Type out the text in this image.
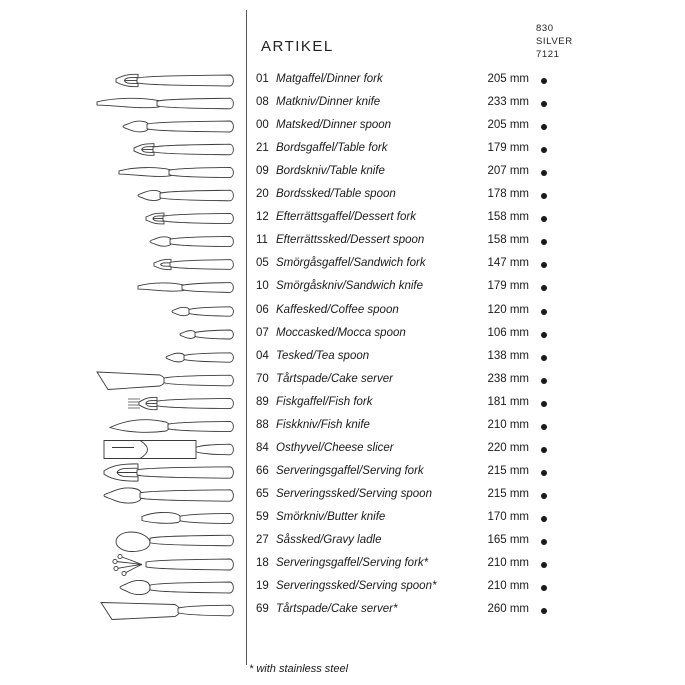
ARTIKEL
830
SILVER
7121
01 Matgaffel/Dinner fork	205 mm
08 Matkniv/Dinner knife	233 mm
00 Matsked/Dinner spoon	205 mm
21 Bordsgaffel/Table fork	179 mm
09 Bordskniv/Table knife	207 mm
20 Bordssked/Table spoon	178 mm
12 Efterrättsgaffel/Dessert fork	158 mm
11 Efterrättssked/Dessert spoon	158 mm
05 Smörgåsgaffel/Sandwich fork	147 mm
10 Smörgåskniv/Sandwich knife	179 mm
06 Kaffesked/Coffee spoon	120 mm
07 Moccasked/Mocca spoon	106 mm
04 Tesked/Tea spoon	138 mm
70 Tårtspade/Cake server	238 mm
89 Fiskgaffel/Fish fork	181 mm
88 Fiskkniv/Fish knife	210 mm
84 Osthyvel/Cheese slicer	220 mm
66 Serveringsgaffel/Serving fork	215 mm
65 Serveringssked/Serving spoon	215 mm
59 Smörkniv/Butter knife	170 mm
27 Såssked/Gravy ladle	165 mm
18 Serveringsgaffel/Serving fork*	210 mm
19 Serveringssked/Serving spoon*	210 mm
69 Tårtspade/Cake server*	260 mm
* with stainless steel
